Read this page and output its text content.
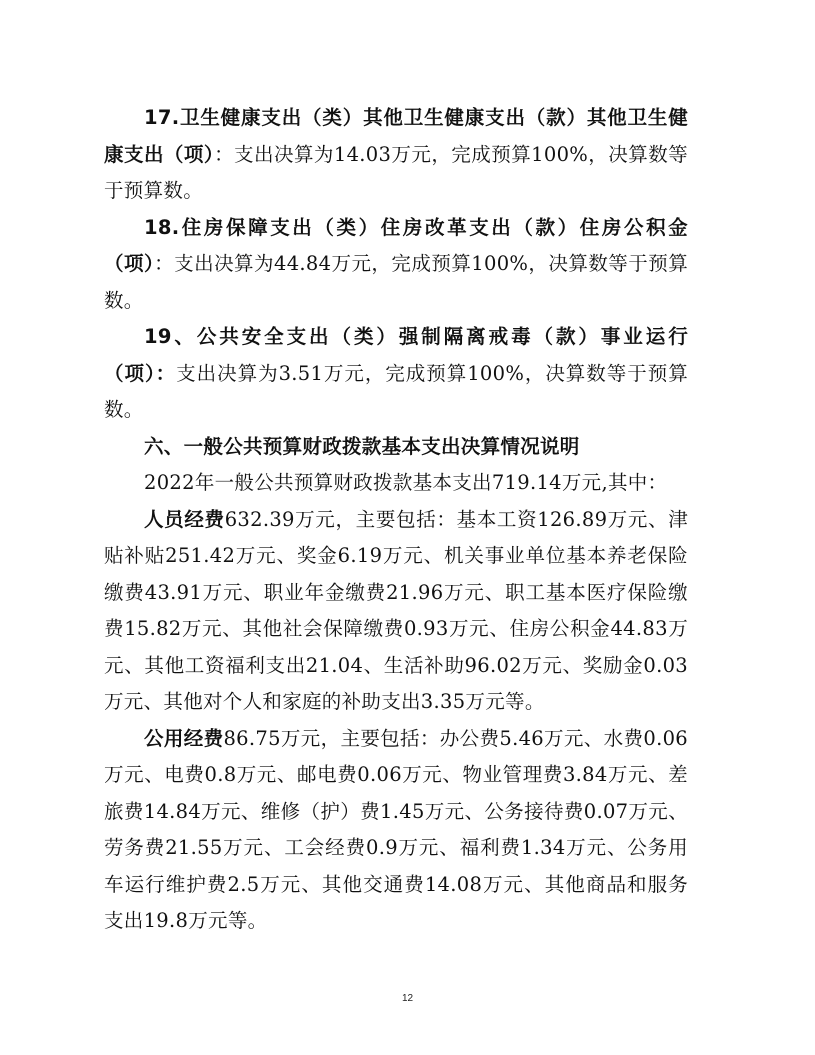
17.卫生健康支出（类）其他卫生健康支出（款）其他卫生健康支出（项）：支出决算为14.03万元，完成预算100%，决算数等于预算数。

18.住房保障支出（类）住房改革支出（款）住房公积金（项）：支出决算为44.84万元，完成预算100%，决算数等于预算数。

19、公共安全支出（类）强制隔离戒毒（款）事业运行（项）：支出决算为3.51万元，完成预算100%，决算数等于预算数。

六、一般公共预算财政拨款基本支出决算情况说明

2022年一般公共预算财政拨款基本支出719.14万元,其中：

人员经费632.39万元，主要包括：基本工资126.89万元、津贴补贴251.42万元、奖金6.19万元、机关事业单位基本养老保险缴费43.91万元、职业年金缴费21.96万元、职工基本医疗保险缴费15.82万元、其他社会保障缴费0.93万元、住房公积金44.83万元、其他工资福利支出21.04、生活补助96.02万元、奖励金0.03万元、其他对个人和家庭的补助支出3.35万元等。

公用经费86.75万元，主要包括：办公费5.46万元、水费0.06万元、电费0.8万元、邮电费0.06万元、物业管理费3.84万元、差旅费14.84万元、维修（护）费1.45万元、公务接待费0.07万元、劳务费21.55万元、工会经费0.9万元、福利费1.34万元、公务用车运行维护费2.5万元、其他交通费14.08万元、其他商品和服务支出19.8万元等。

12
